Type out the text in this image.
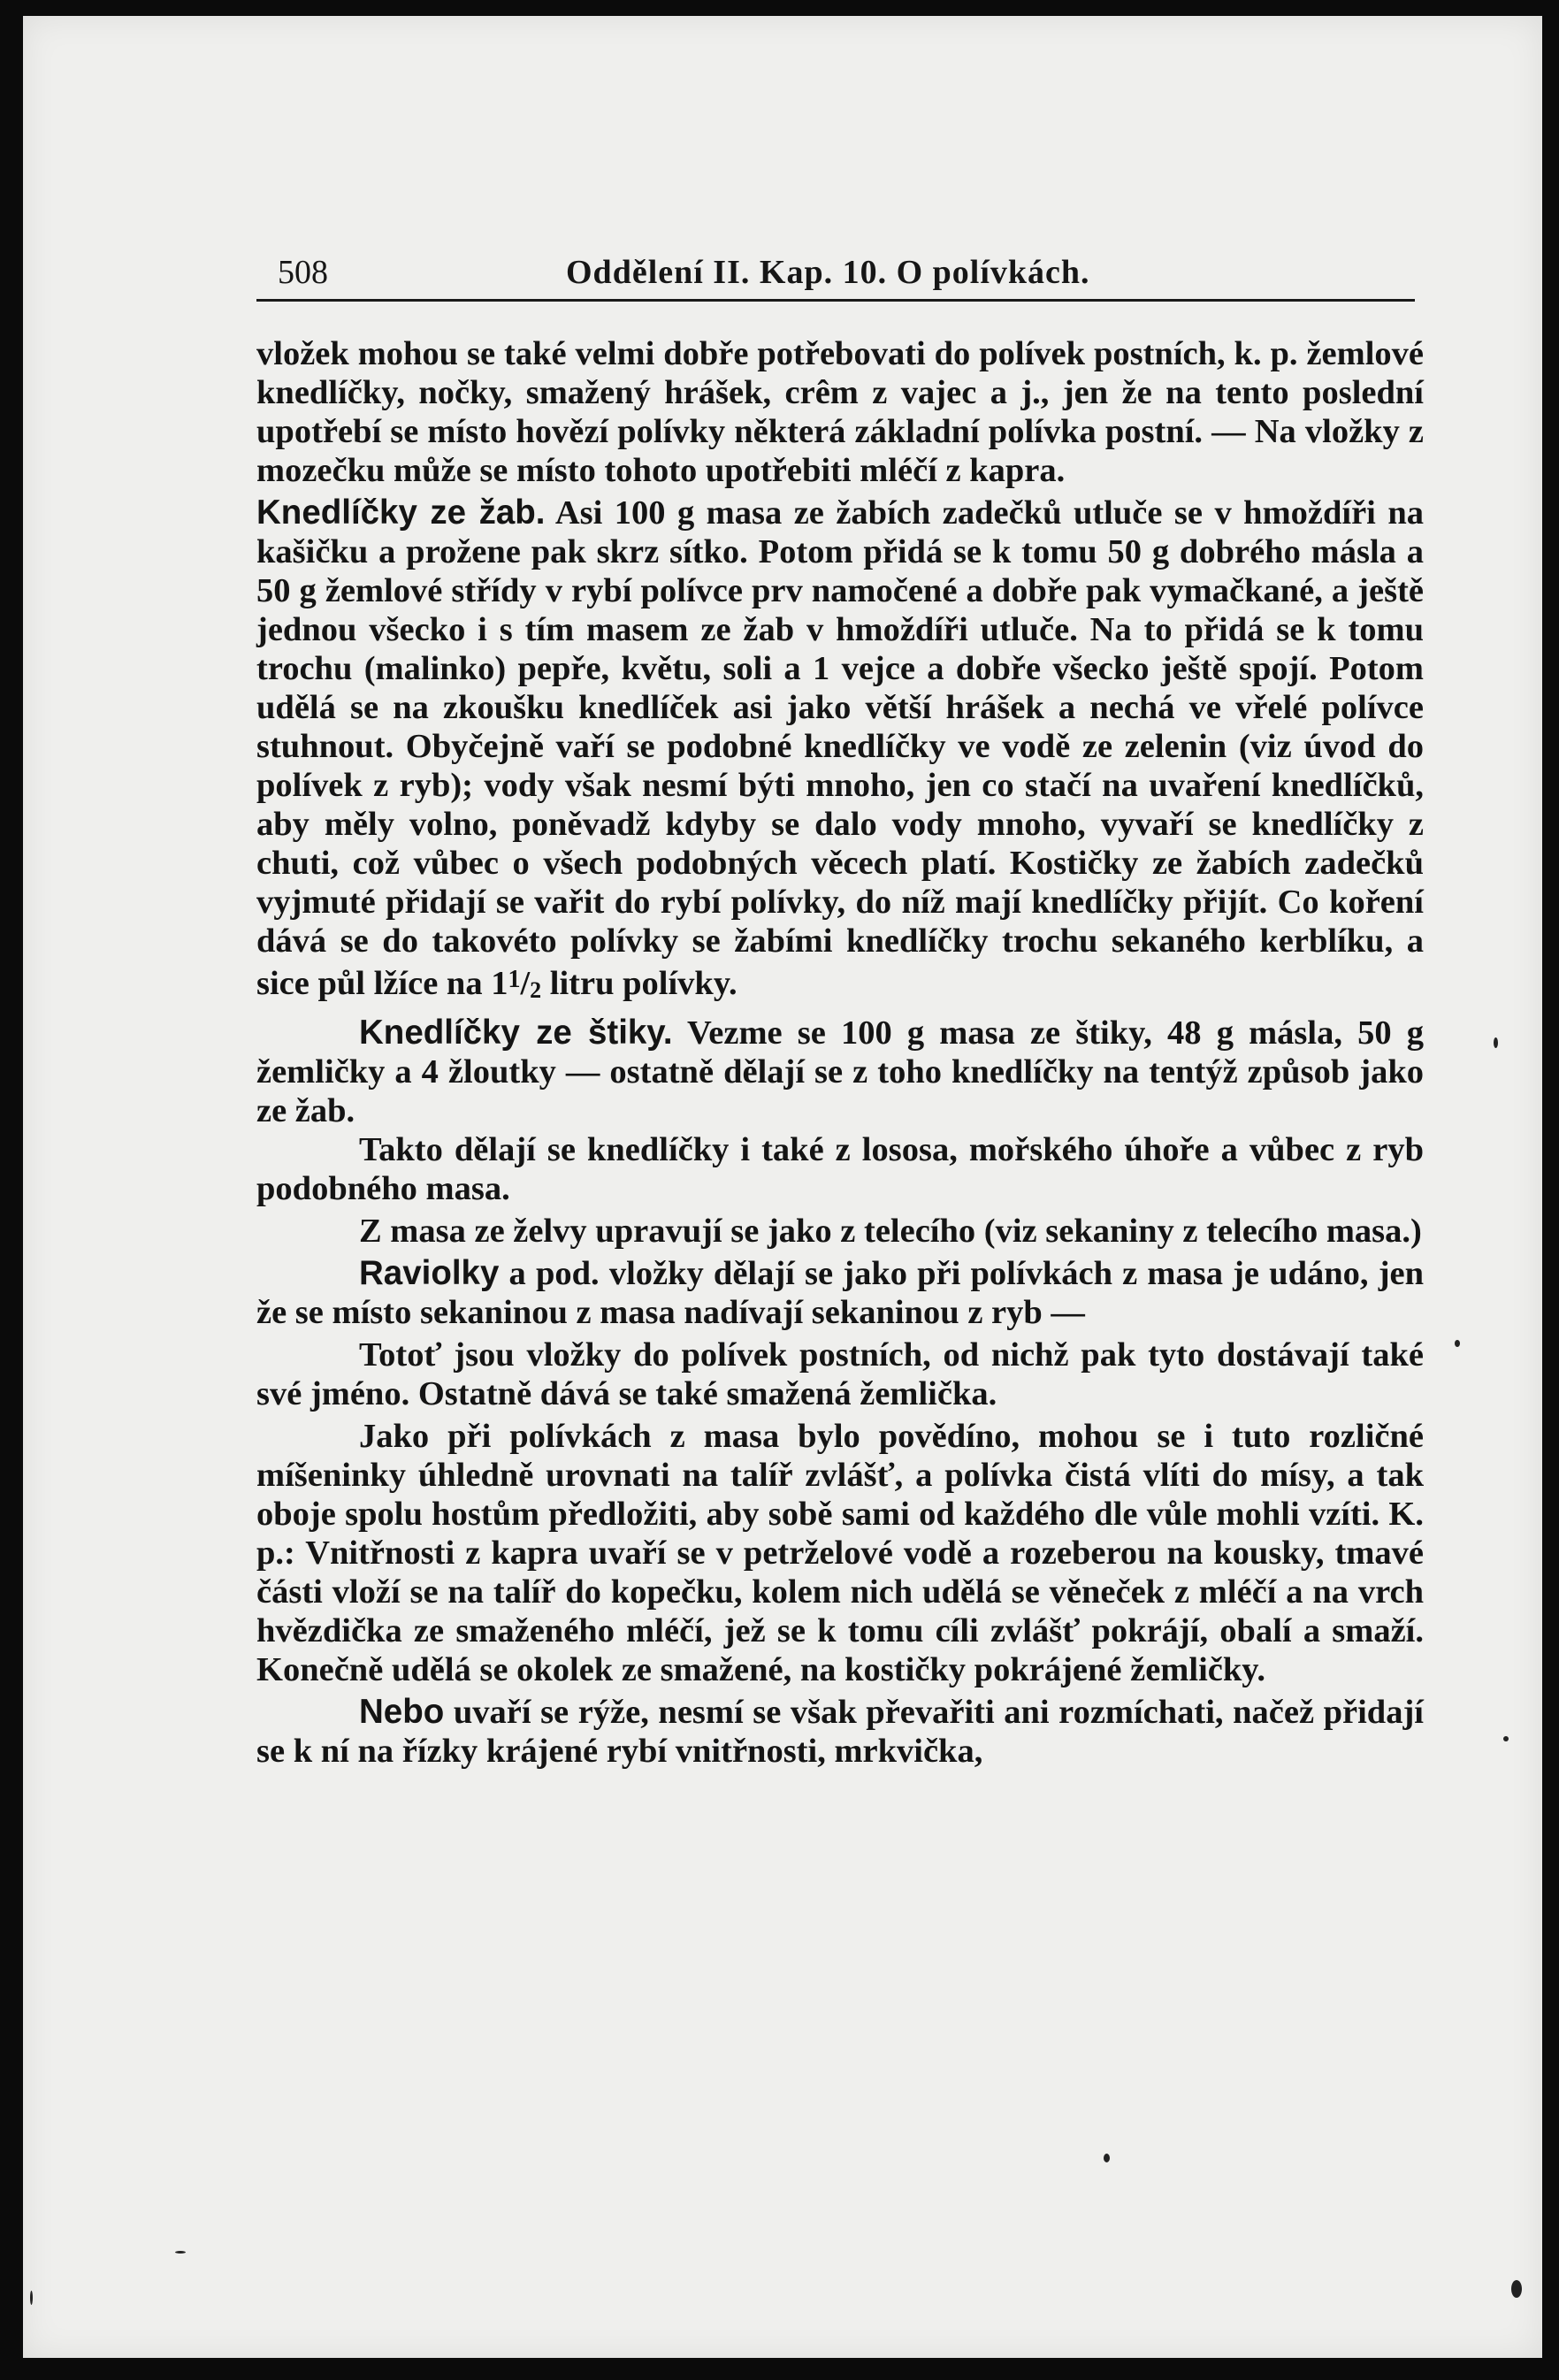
508	Oddělení II. Kap. 10. O polívkách.

vložek mohou se také velmi dobře potřebovati do polívek postních, k. p. žemlové knedlíčky, nočky, smažený hrášek, crêm z vajec a j., jen že na tento poslední upotřebí se místo hovězí polívky některá základní polívka postní. — Na vložky z mozečku může se místo tohoto upotřebiti mléčí z kapra.

Knedlíčky ze žab. Asi 100 g masa ze žabích zadečků utluče se v hmoždíři na kašičku a prožene pak skrz sítko. Potom přidá se k tomu 50 g dobrého másla a 50 g žemlové střídy v rybí polívce prv namočené a dobře pak vymačkané, a ještě jednou všecko i s tím masem ze žab v hmoždíři utluče. Na to přidá se k tomu trochu (malinko) pepře, květu, soli a 1 vejce a dobře všecko ještě spojí. Potom udělá se na zkoušku knedlíček asi jako větší hrášek a nechá ve vřelé polívce stuhnout. Obyčejně vaří se podobné knedlíčky ve vodě ze zelenin (viz úvod do polívek z ryb); vody však nesmí býti mnoho, jen co stačí na uvaření knedlíčků, aby měly volno, poněvadž kdyby se dalo vody mnoho, vyvaří se knedlíčky z chuti, což vůbec o všech podobných věcech platí. Kostičky ze žabích zadečků vyjmuté přidají se vařit do rybí polívky, do níž mají knedlíčky přijít. Co koření dává se do takovéto polívky se žabími knedlíčky trochu sekaného kerblíku, a sice půl lžíce na $1^1/_2$ litru polívky.

Knedlíčky ze štiky. Vezme se 100 g masa ze štiky, 48 g másla, 50 g žemličky a 4 žloutky — ostatně dělají se z toho knedlíčky na tentýž způsob jako ze žab.

Takto dělají se knedlíčky i také z lososa, mořského úhoře a vůbec z ryb podobného masa.

Z masa ze želvy upravují se jako z telecího (viz sekaniny z telecího masa.)

Raviolky a pod. vložky dělají se jako při polívkách z masa je udáno, jen že se místo sekaninou z masa nadívají sekaninou z ryb —

Totoť jsou vložky do polívek postních, od nichž pak tyto dostávají také své jméno. Ostatně dává se také smažená žemlička.

Jako při polívkách z masa bylo povědíno, mohou se i tuto rozličné míšeninky úhledně urovnati na talíř zvlášť, a polívka čistá vlíti do mísy, a tak oboje spolu hostům předložiti, aby sobě sami od každého dle vůle mohli vzíti. K. p.: Vnitřnosti z kapra uvaří se v petrželové vodě a rozeberou na kousky, tmavé části vloží se na talíř do kopečku, kolem nich udělá se věneček z mléčí a na vrch hvězdička ze smaženého mléčí, jež se k tomu cíli zvlášť pokrájí, obalí a smaží. Konečně udělá se okolek ze smažené, na kostičky pokrájené žemličky.

Nebo uvaří se rýže, nesmí se však převařiti ani rozmíchati, načež přidají se k ní na řízky krájené rybí vnitřnosti, mrkvička,
